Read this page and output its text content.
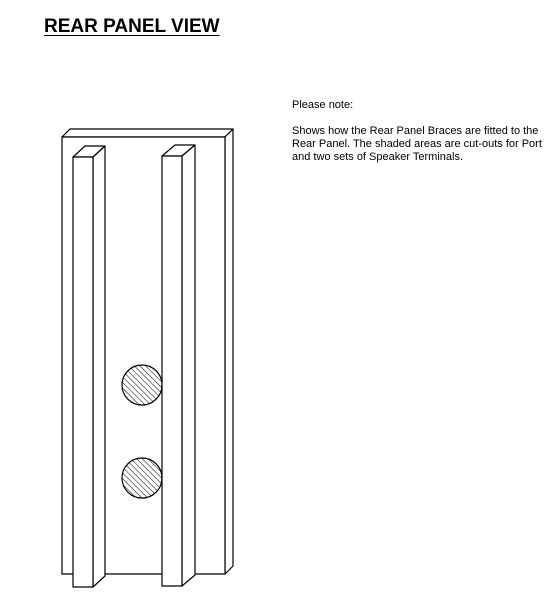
REAR PANEL VIEW

Please note:

Shows how the Rear Panel Braces are fitted to the Rear Panel. The shaded areas are cut-outs for Port and two sets of Speaker Terminals.
